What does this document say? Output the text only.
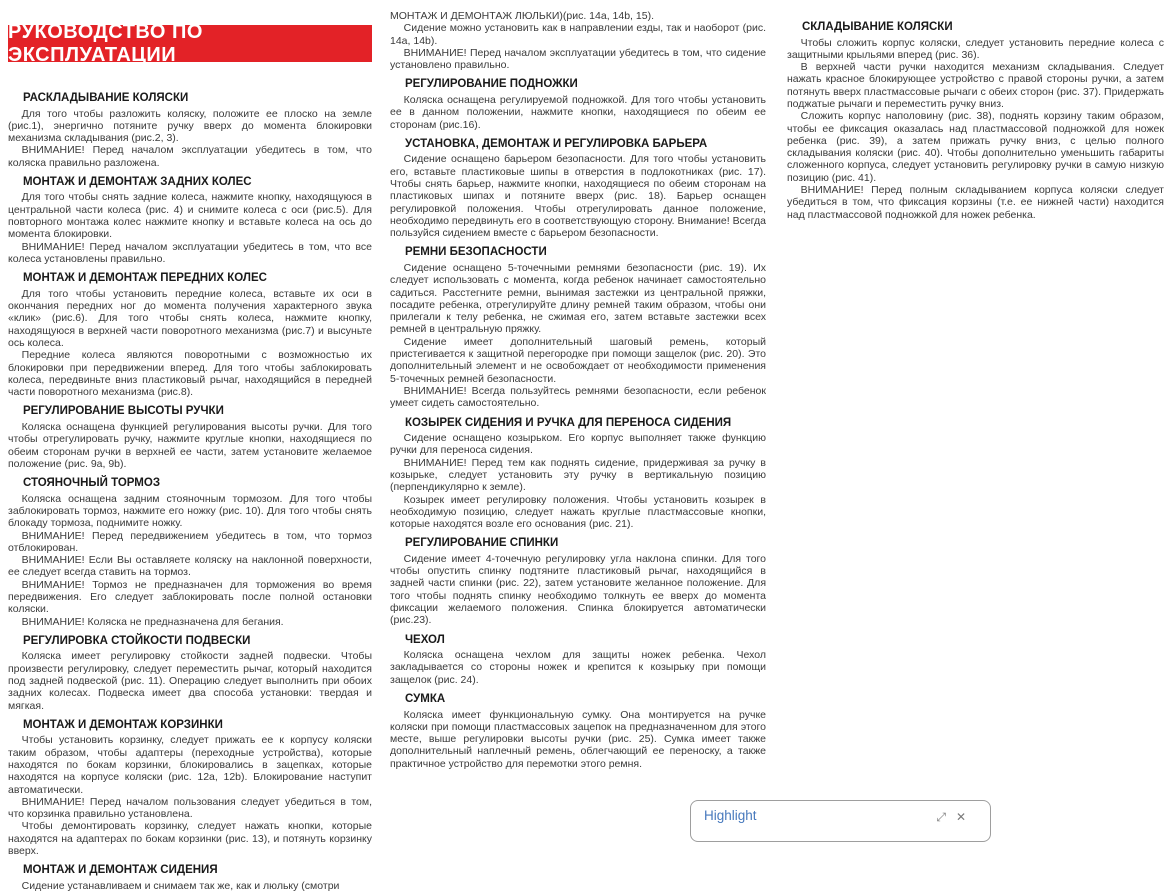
РУКОВОДСТВО ПО ЭКСПЛУАТАЦИИ
РАСКЛАДЫВАНИЕ КОЛЯСКИ

Для того чтобы разложить коляску, положите ее плоско на земле (рис.1), энергично потяните ручку вверх до момента блокировки механизма складывания (рис.2, 3).

ВНИМАНИЕ! Перед началом эксплуатации убедитесь в том, что коляска правильно разложена.

МОНТАЖ И ДЕМОНТАЖ ЗАДНИХ КОЛЕС

Для того чтобы снять задние колеса, нажмите кнопку, находящуюся в центральной части колеса (рис. 4) и снимите колеса с оси (рис.5). Для повторного монтажа колес нажмите кнопку и вставьте колеса на ось до момента блокировки.

ВНИМАНИЕ! Перед началом эксплуатации убедитесь в том, что все колеса установлены правильно.

МОНТАЖ И ДЕМОНТАЖ ПЕРЕДНИХ КОЛЕС

Для того чтобы установить передние колеса, вставьте их оси в окончания передних ног до момента получения характерного звука «клик» (рис.6). Для того чтобы снять колеса, нажмите кнопку, находящуюся в верхней части поворотного механизма (рис.7) и высуньте ось колеса.

Передние колеса являются поворотными с возможностью их блокировки при передвижении вперед. Для того чтобы заблокировать колеса, передвиньте вниз пластиковый рычаг, находящийся в передней части поворотного механизма (рис.8).

РЕГУЛИРОВАНИЕ ВЫСОТЫ РУЧКИ

Коляска оснащена функцией регулирования высоты ручки. Для того чтобы отрегулировать ручку, нажмите круглые кнопки, находящиеся по обеим сторонам ручки в верхней ее части, затем установите желаемое положение (рис. 9a, 9b).

СТОЯНОЧНЫЙ ТОРМОЗ

Коляска оснащена задним стояночным тормозом. Для того чтобы заблокировать тормоз, нажмите его ножку (рис. 10). Для того чтобы снять блокаду тормоза, поднимите ножку.

ВНИМАНИЕ! Перед передвижением убедитесь в том, что тормоз отблокирован.

ВНИМАНИЕ! Если Вы оставляете коляску на наклонной поверхности, ее следует всегда ставить на тормоз.

ВНИМАНИЕ! Тормоз не предназначен для торможения во время передвижения. Его следует заблокировать после полной остановки коляски.

ВНИМАНИЕ! Коляска не предназначена для бегания.

РЕГУЛИРОВКА СТОЙКОСТИ ПОДВЕСКИ

Коляска имеет регулировку стойкости задней подвески. Чтобы произвести регулировку, следует переместить рычаг, который находится под задней подвеской (рис. 11). Операцию следует выполнить при обоих задних колесах. Подвеска имеет два способа установки: твердая и мягкая.

МОНТАЖ И ДЕМОНТАЖ КОРЗИНКИ

Чтобы установить корзинку, следует прижать ее к корпусу коляски таким образом, чтобы адаптеры (переходные устройства), которые находятся по бокам корзинки, блокировались в зацепках, которые находятся на корпусе коляски (рис. 12a, 12b). Блокирование наступит автоматически.

ВНИМАНИЕ! Перед началом пользования следует убедиться в том, что корзинка правильно установлена.

Чтобы демонтировать корзинку, следует нажать кнопки, которые находятся на адаптерах по бокам корзинки (рис. 13), и потянуть корзинку вверх.

МОНТАЖ И ДЕМОНТАЖ СИДЕНИЯ

Сидение устанавливаем и снимаем так же, как и люльку (смотри

МОНТАЖ И ДЕМОНТАЖ ЛЮЛЬКИ)(рис. 14a, 14b, 15).

Сидение можно установить как в направлении езды, так и наоборот (рис. 14a, 14b).

ВНИМАНИЕ! Перед началом эксплуатации убедитесь в том, что сидение установлено правильно.

РЕГУЛИРОВАНИЕ ПОДНОЖКИ

Коляска оснащена регулируемой подножкой. Для того чтобы установить ее в данном положении, нажмите кнопки, находящиеся по обеим ее сторонам (рис.16).

УСТАНОВКА, ДЕМОНТАЖ И РЕГУЛИРОВКА БАРЬЕРА

Сидение оснащено барьером безопасности. Для того чтобы установить его, вставьте пластиковые шипы в отверстия в подлокотниках (рис. 17). Чтобы снять барьер, нажмите кнопки, находящиеся по обеим сторонам на пластиковых шипах и потяните вверх (рис. 18). Барьер оснащен регулировкой положения. Чтобы отрегулировать данное положение, необходимо передвинуть его в соответствующую сторону. Внимание! Всегда пользуйся сидением вместе с барьером безопасности.

РЕМНИ БЕЗОПАСНОСТИ

Сидение оснащено 5-точечными ремнями безопасности (рис. 19). Их следует использовать с момента, когда ребенок начинает самостоятельно садиться. Расстегните ремни, вынимая застежки из центральной пряжки, посадите ребенка, отрегулируйте длину ремней таким образом, чтобы они прилегали к телу ребенка, не сжимая его, затем вставьте застежки всех ремней в центральную пряжку.

Сидение имеет дополнительный шаговый ремень, который пристегивается к защитной перегородке при помощи защелок (рис. 20). Это дополнительный элемент и не освобождает от необходимости применения 5-точечных ремней безопасности.

ВНИМАНИЕ! Всегда пользуйтесь ремнями безопасности, если ребенок умеет сидеть самостоятельно.

КОЗЫРЕК СИДЕНИЯ И РУЧКА ДЛЯ ПЕРЕНОСА СИДЕНИЯ

Сидение оснащено козырьком. Его корпус выполняет также функцию ручки для переноса сидения.

ВНИМАНИЕ! Перед тем как поднять сидение, придерживая за ручку в козырьке, следует установить эту ручку в вертикальную позицию (перпендикулярно к земле).

Козырек имеет регулировку положения. Чтобы установить козырек в необходимую позицию, следует нажать круглые пластмассовые кнопки, которые находятся возле его основания (рис. 21).

РЕГУЛИРОВАНИЕ СПИНКИ

Сидение имеет 4-точечную регулировку угла наклона спинки. Для того чтобы опустить спинку подтяните пластиковый рычаг, находящийся в задней части спинки (рис. 22), затем установите желанное положение. Для того чтобы поднять спинку необходимо толкнуть ее вверх до момента фиксации желаемого положения. Спинка блокируется автоматически (рис.23).

ЧЕХОЛ

Коляска оснащена чехлом для защиты ножек ребенка. Чехол закладывается со стороны ножек и крепится к козырьку при помощи защелок (рис. 24).

СУМКА

Коляска имеет функциональную сумку. Она монтируется на ручке коляски при помощи пластмассовых зацепок на предназначенном для этого месте, выше регулировки высоты ручки (рис. 25). Сумка имеет также дополнительный наплечный ремень, облегчающий ее переноску, а также практичное устройство для перемотки этого ремня.

СКЛАДЫВАНИЕ КОЛЯСКИ

Чтобы сложить корпус коляски, следует установить передние колеса с защитными крыльями вперед (рис. 36).

В верхней части ручки находится механизм складывания. Следует нажать красное блокирующее устройство с правой стороны ручки, а затем потянуть вверх пластмассовые рычаги с обеих сторон (рис. 37). Придержать поджатые рычаги и переместить ручку вниз.

Сложить корпус наполовину (рис. 38), поднять корзину таким образом, чтобы ее фиксация оказалась над пластмассовой подножкой для ножек ребенка (рис. 39), а затем прижать ручку вниз, с целью полного складывания коляски (рис. 40). Чтобы дополнительно уменьшить габариты сложенного корпуса, следует установить регулировку ручки в самую низкую позицию (рис. 41).

ВНИМАНИЕ! Перед полным складыванием корпуса коляски следует убедиться в том, что фиксация корзины (т.е. ее нижней части) находится над пластмассовой подножкой для ножек ребенка.

Highlight	⤢ ✕
